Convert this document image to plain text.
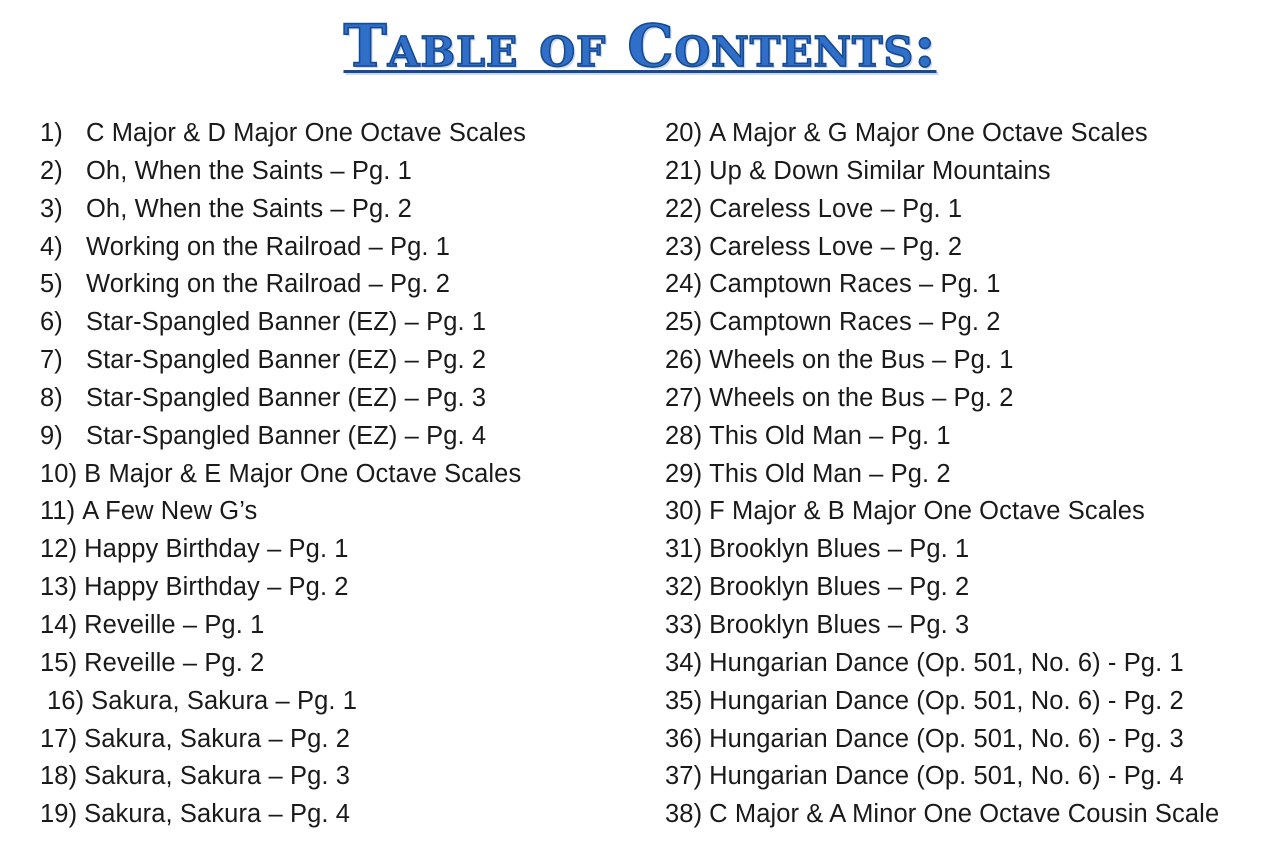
Table of Contents:
1) C Major & D Major One Octave Scales
2) Oh, When the Saints – Pg. 1
3) Oh, When the Saints – Pg. 2
4) Working on the Railroad – Pg. 1
5) Working on the Railroad – Pg. 2
6) Star-Spangled Banner (EZ) – Pg. 1
7) Star-Spangled Banner (EZ) – Pg. 2
8) Star-Spangled Banner (EZ) – Pg. 3
9) Star-Spangled Banner (EZ) – Pg. 4
10) B Major & E Major One Octave Scales
11) A Few New G’s
12) Happy Birthday – Pg. 1
13) Happy Birthday – Pg. 2
14) Reveille – Pg. 1
15) Reveille – Pg. 2
16) Sakura, Sakura – Pg. 1
17) Sakura, Sakura – Pg. 2
18) Sakura, Sakura – Pg. 3
19) Sakura, Sakura – Pg. 4
20) A Major & G Major One Octave Scales
21) Up & Down Similar Mountains
22) Careless Love – Pg. 1
23) Careless Love – Pg. 2
24) Camptown Races – Pg. 1
25) Camptown Races – Pg. 2
26) Wheels on the Bus – Pg. 1
27) Wheels on the Bus – Pg. 2
28) This Old Man – Pg. 1
29) This Old Man – Pg. 2
30) F Major & B Major One Octave Scales
31) Brooklyn Blues – Pg. 1
32) Brooklyn Blues – Pg. 2
33) Brooklyn Blues – Pg. 3
34) Hungarian Dance (Op. 501, No. 6) - Pg. 1
35) Hungarian Dance (Op. 501, No. 6) - Pg. 2
36) Hungarian Dance (Op. 501, No. 6) - Pg. 3
37) Hungarian Dance (Op. 501, No. 6) - Pg. 4
38) C Major & A Minor One Octave Cousin Scale
